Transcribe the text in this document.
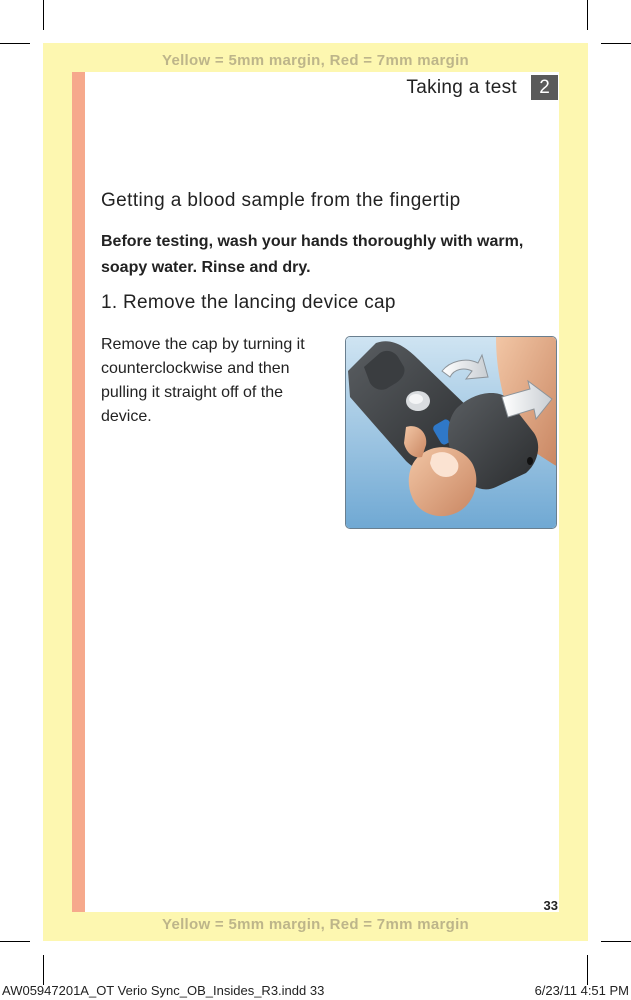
Yellow = 5mm margin, Red = 7mm margin
Yellow = 5mm margin, Red = 7mm margin
Taking a test	2
Getting a blood sample from the fingertip
Before testing, wash your hands thoroughly with warm, soapy water. Rinse and dry.
1. Remove the lancing device cap
Remove the cap by turning it counterclockwise and then pulling it straight off of the device.
33
AW05947201A_OT Verio Sync_OB_Insides_R3.indd 33	6/23/11 4:51 PM
